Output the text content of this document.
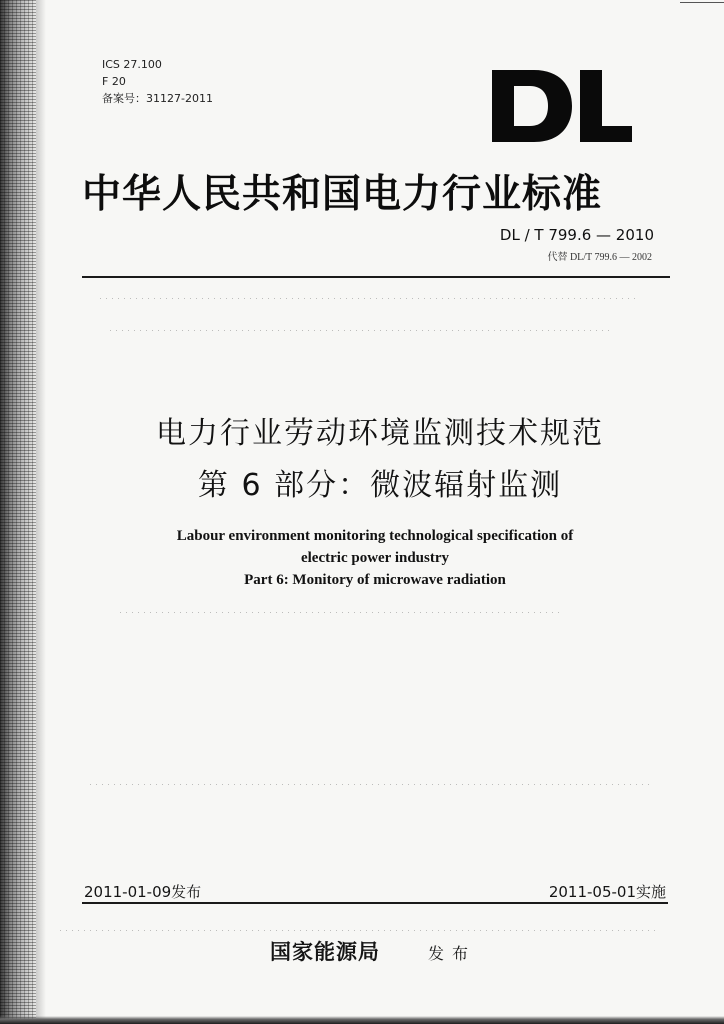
ICS 27.100
F 20
备案号：31127-2011
中华人民共和国电力行业标准
DL / T 799.6 — 2010
代替 DL/T 799.6 — 2002
电力行业劳动环境监测技术规范
第 6 部分：微波辐射监测
Labour environment monitoring technological specification of
electric power industry
Part 6: Monitory of microwave radiation
2011-01-09发布	2011-05-01实施
国家能源局	发布
